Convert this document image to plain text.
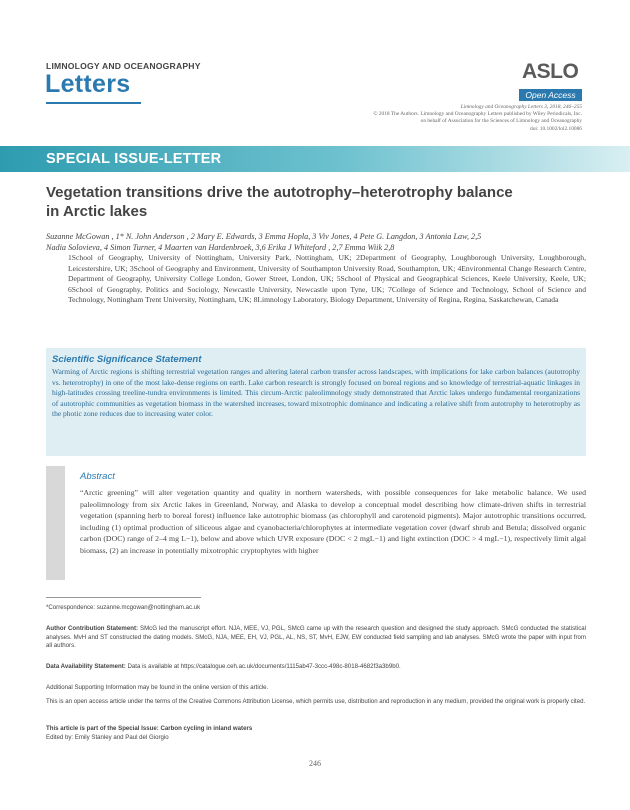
LIMNOLOGY AND OCEANOGRAPHY
Letters	ASLO
Open Access
Limnology and Oceanography Letters 3, 2018, 246–255
© 2018 The Authors. Limnology and Oceanography Letters published by Wiley Periodicals, Inc.
on behalf of Association for the Sciences of Limnology and Oceanography
doi: 10.1002/lol2.10086
SPECIAL ISSUE-LETTER
Vegetation transitions drive the autotrophy–heterotrophy balance
in Arctic lakes
Suzanne McGowan , 1* N. John Anderson , 2 Mary E. Edwards, 3 Emma Hopla, 3 Viv Jones, 4 Pete G. Langdon, 3 Antonia Law, 2,5
Nadia Solovieva, 4 Simon Turner, 4 Maarten van Hardenbroek, 3,6 Erika J Whiteford , 2,7 Emma Wiik 2,8
1School of Geography, University of Nottingham, University Park, Nottingham, UK; 2Department of Geography, Loughborough University, Loughborough, Leicestershire, UK; 3School of Geography and Environment, University of Southampton University Road, Southampton, UK; 4Environmental Change Research Centre, Department of Geography, University College London, Gower Street, London, UK; 5School of Physical and Geographical Sciences, Keele University, Keele, UK; 6School of Geography, Politics and Sociology, Newcastle University, Newcastle upon Tyne, UK; 7College of Science and Technology, School of Science and Technology, Nottingham Trent University, Nottingham, UK; 8Limnology Laboratory, Biology Department, University of Regina, Regina, Saskatchewan, Canada
Scientific Significance Statement
Warming of Arctic regions is shifting terrestrial vegetation ranges and altering lateral carbon transfer across landscapes, with implications for lake carbon balances (autotrophy vs. heterotrophy) in one of the most lake-dense regions on earth. Lake carbon research is strongly focused on boreal regions and so knowledge of terrestrial-aquatic linkages in high-latitudes crossing treeline-tundra environments is limited. This circum-Arctic paleolimnology study demonstrated that Arctic lakes undergo fundamental reorganizations of autotrophic communities as vegetation biomass in the watershed increases, toward mixotrophic dominance and indicating a relative shift from autotrophy to heterotrophy as the photic zone reduces due to increasing water color.
Abstract
“Arctic greening” will alter vegetation quantity and quality in northern watersheds, with possible consequences for lake metabolic balance. We used paleolimnology from six Arctic lakes in Greenland, Norway, and Alaska to develop a conceptual model describing how climate-driven shifts in terrestrial vegetation (spanning herb to boreal forest) influence lake autotrophic biomass (as chlorophyll and carotenoid pigments). Major autotrophic transitions occurred, including (1) optimal production of siliceous algae and cyanobacteria/chlorophytes at intermediate vegetation cover (dwarf shrub and Betula; dissolved organic carbon (DOC) range of 2–4 mg L−1), below and above which UVR exposure (DOC < 2 mgL−1) and light extinction (DOC > 4 mgL−1), respectively limit algal biomass, (2) an increase in potentially mixotrophic cryptophytes with higher
*Correspondence: suzanne.mcgowan@nottingham.ac.uk
Author Contribution Statement: SMcG led the manuscript effort. NJA, MEE, VJ, PGL, SMcG came up with the research question and designed the study approach. SMcG conducted the statistical analyses. MvH and ST constructed the dating models. SMcG, NJA, MEE, EH, VJ, PGL, AL, NS, ST, MvH, EJW, EW conducted field sampling and lab analyses. SMcG wrote the paper with input from all authors.
Data Availability Statement: Data is available at https://catalogue.ceh.ac.uk/documents/1115ab47-3ccc-498c-8018-4682f3a3b9b0.
Additional Supporting Information may be found in the online version of this article.
This is an open access article under the terms of the Creative Commons Attribution License, which permits use, distribution and reproduction in any medium, provided the original work is properly cited.
This article is part of the Special Issue: Carbon cycling in inland waters
Edited by: Emily Stanley and Paul del Giorgio
246
